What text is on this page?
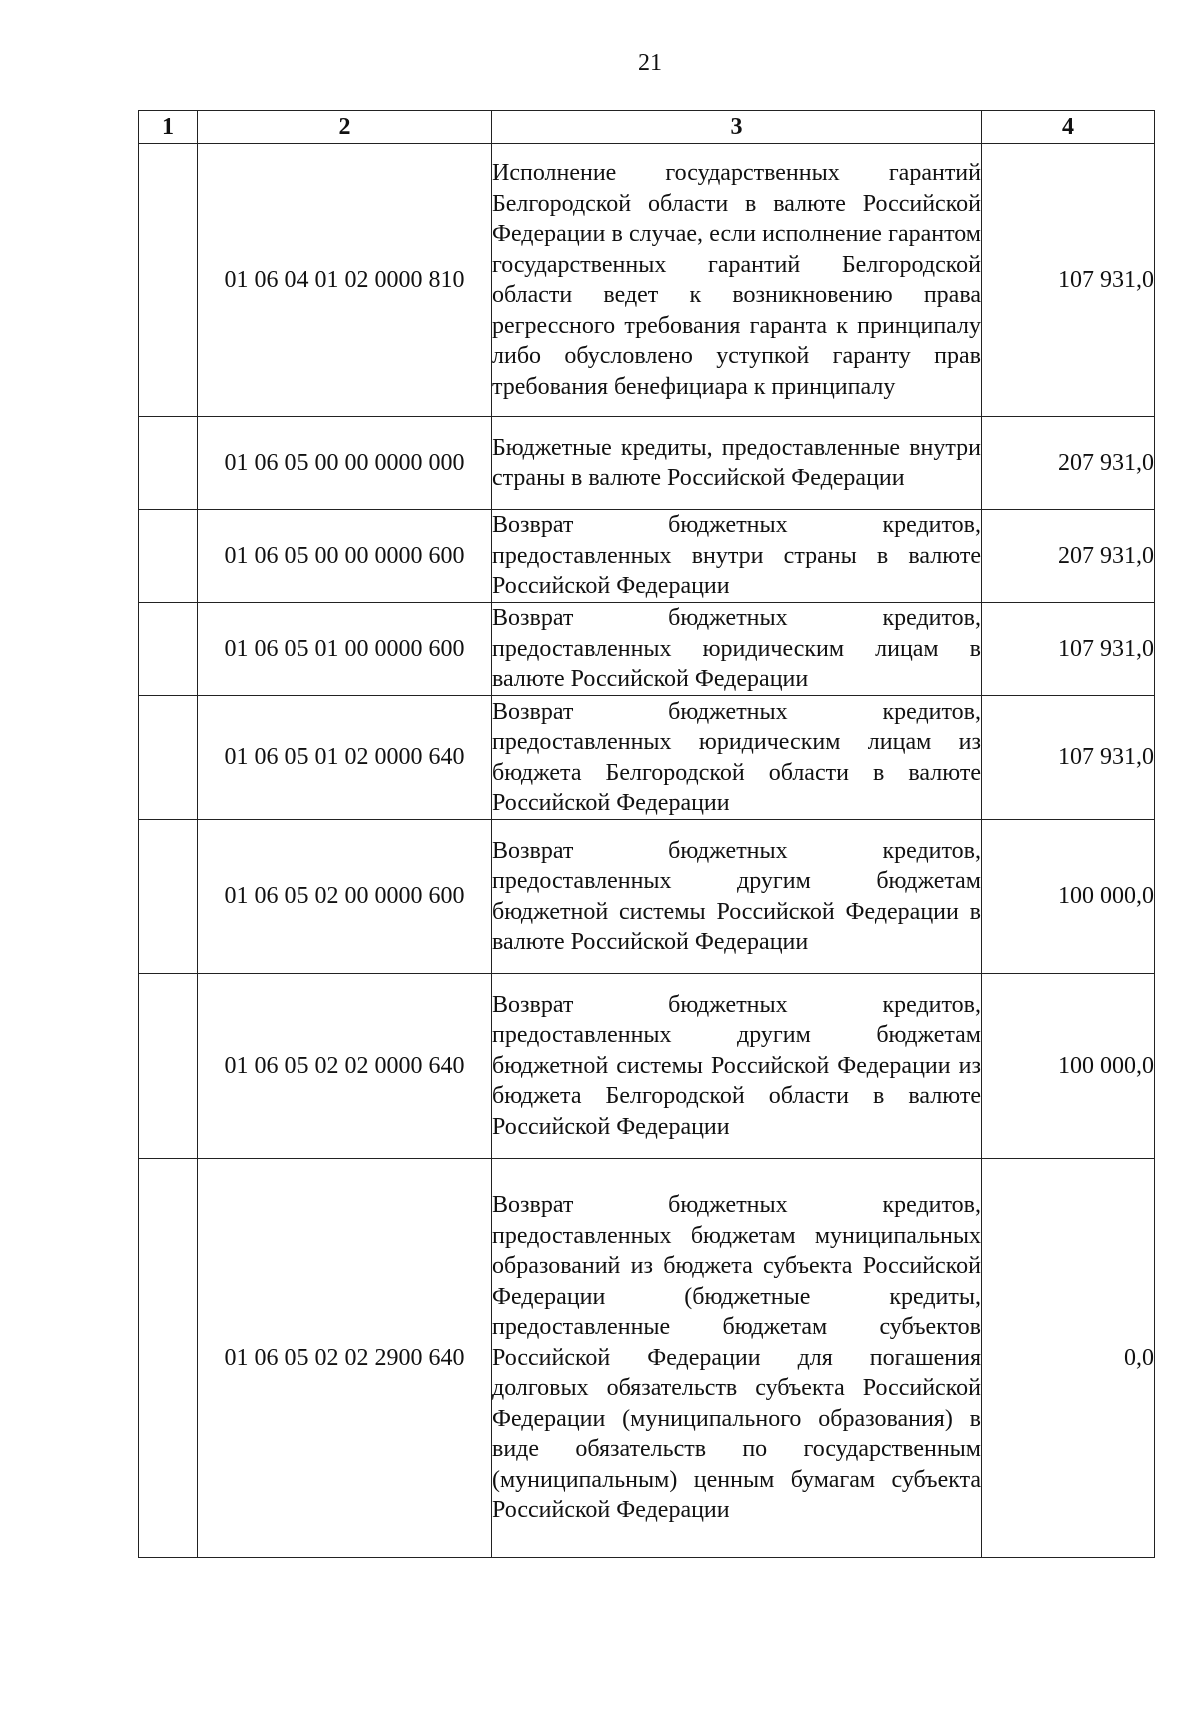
21
1	2	3	4
	01 06 04 01 02 0000 810	Исполнение государственных гарантий Белгородской области в валюте Российской Федерации в случае, если исполнение гарантом государственных гарантий Белгородской области ведет к возникновению права регрессного требования гаранта к принципалу либо обусловлено уступкой гаранту прав требования бенефициара к принципалу	107 931,0
	01 06 05 00 00 0000 000	Бюджетные кредиты, предоставленные внутри страны в валюте Российской Федерации	207 931,0
	01 06 05 00 00 0000 600	Возврат бюджетных кредитов, предоставленных внутри страны в валюте Российской Федерации	207 931,0
	01 06 05 01 00 0000 600	Возврат бюджетных кредитов, предоставленных юридическим лицам в валюте Российской Федерации	107 931,0
	01 06 05 01 02 0000 640	Возврат бюджетных кредитов, предоставленных юридическим лицам из бюджета Белгородской области в валюте Российской Федерации	107 931,0
	01 06 05 02 00 0000 600	Возврат бюджетных кредитов, предоставленных другим бюджетам бюджетной системы Российской Федерации в валюте Российской Федерации	100 000,0
	01 06 05 02 02 0000 640	Возврат бюджетных кредитов, предоставленных другим бюджетам бюджетной системы Российской Федерации из бюджета Белгородской области в валюте Российской Федерации	100 000,0
	01 06 05 02 02 2900 640	Возврат бюджетных кредитов, предоставленных бюджетам муниципальных образований из бюджета субъекта Российской Федерации (бюджетные кредиты, предоставленные бюджетам субъектов Российской Федерации для погашения долговых обязательств субъекта Российской Федерации (муниципального образования) в виде обязательств по государственным (муниципальным) ценным бумагам субъекта Российской Федерации	0,0
